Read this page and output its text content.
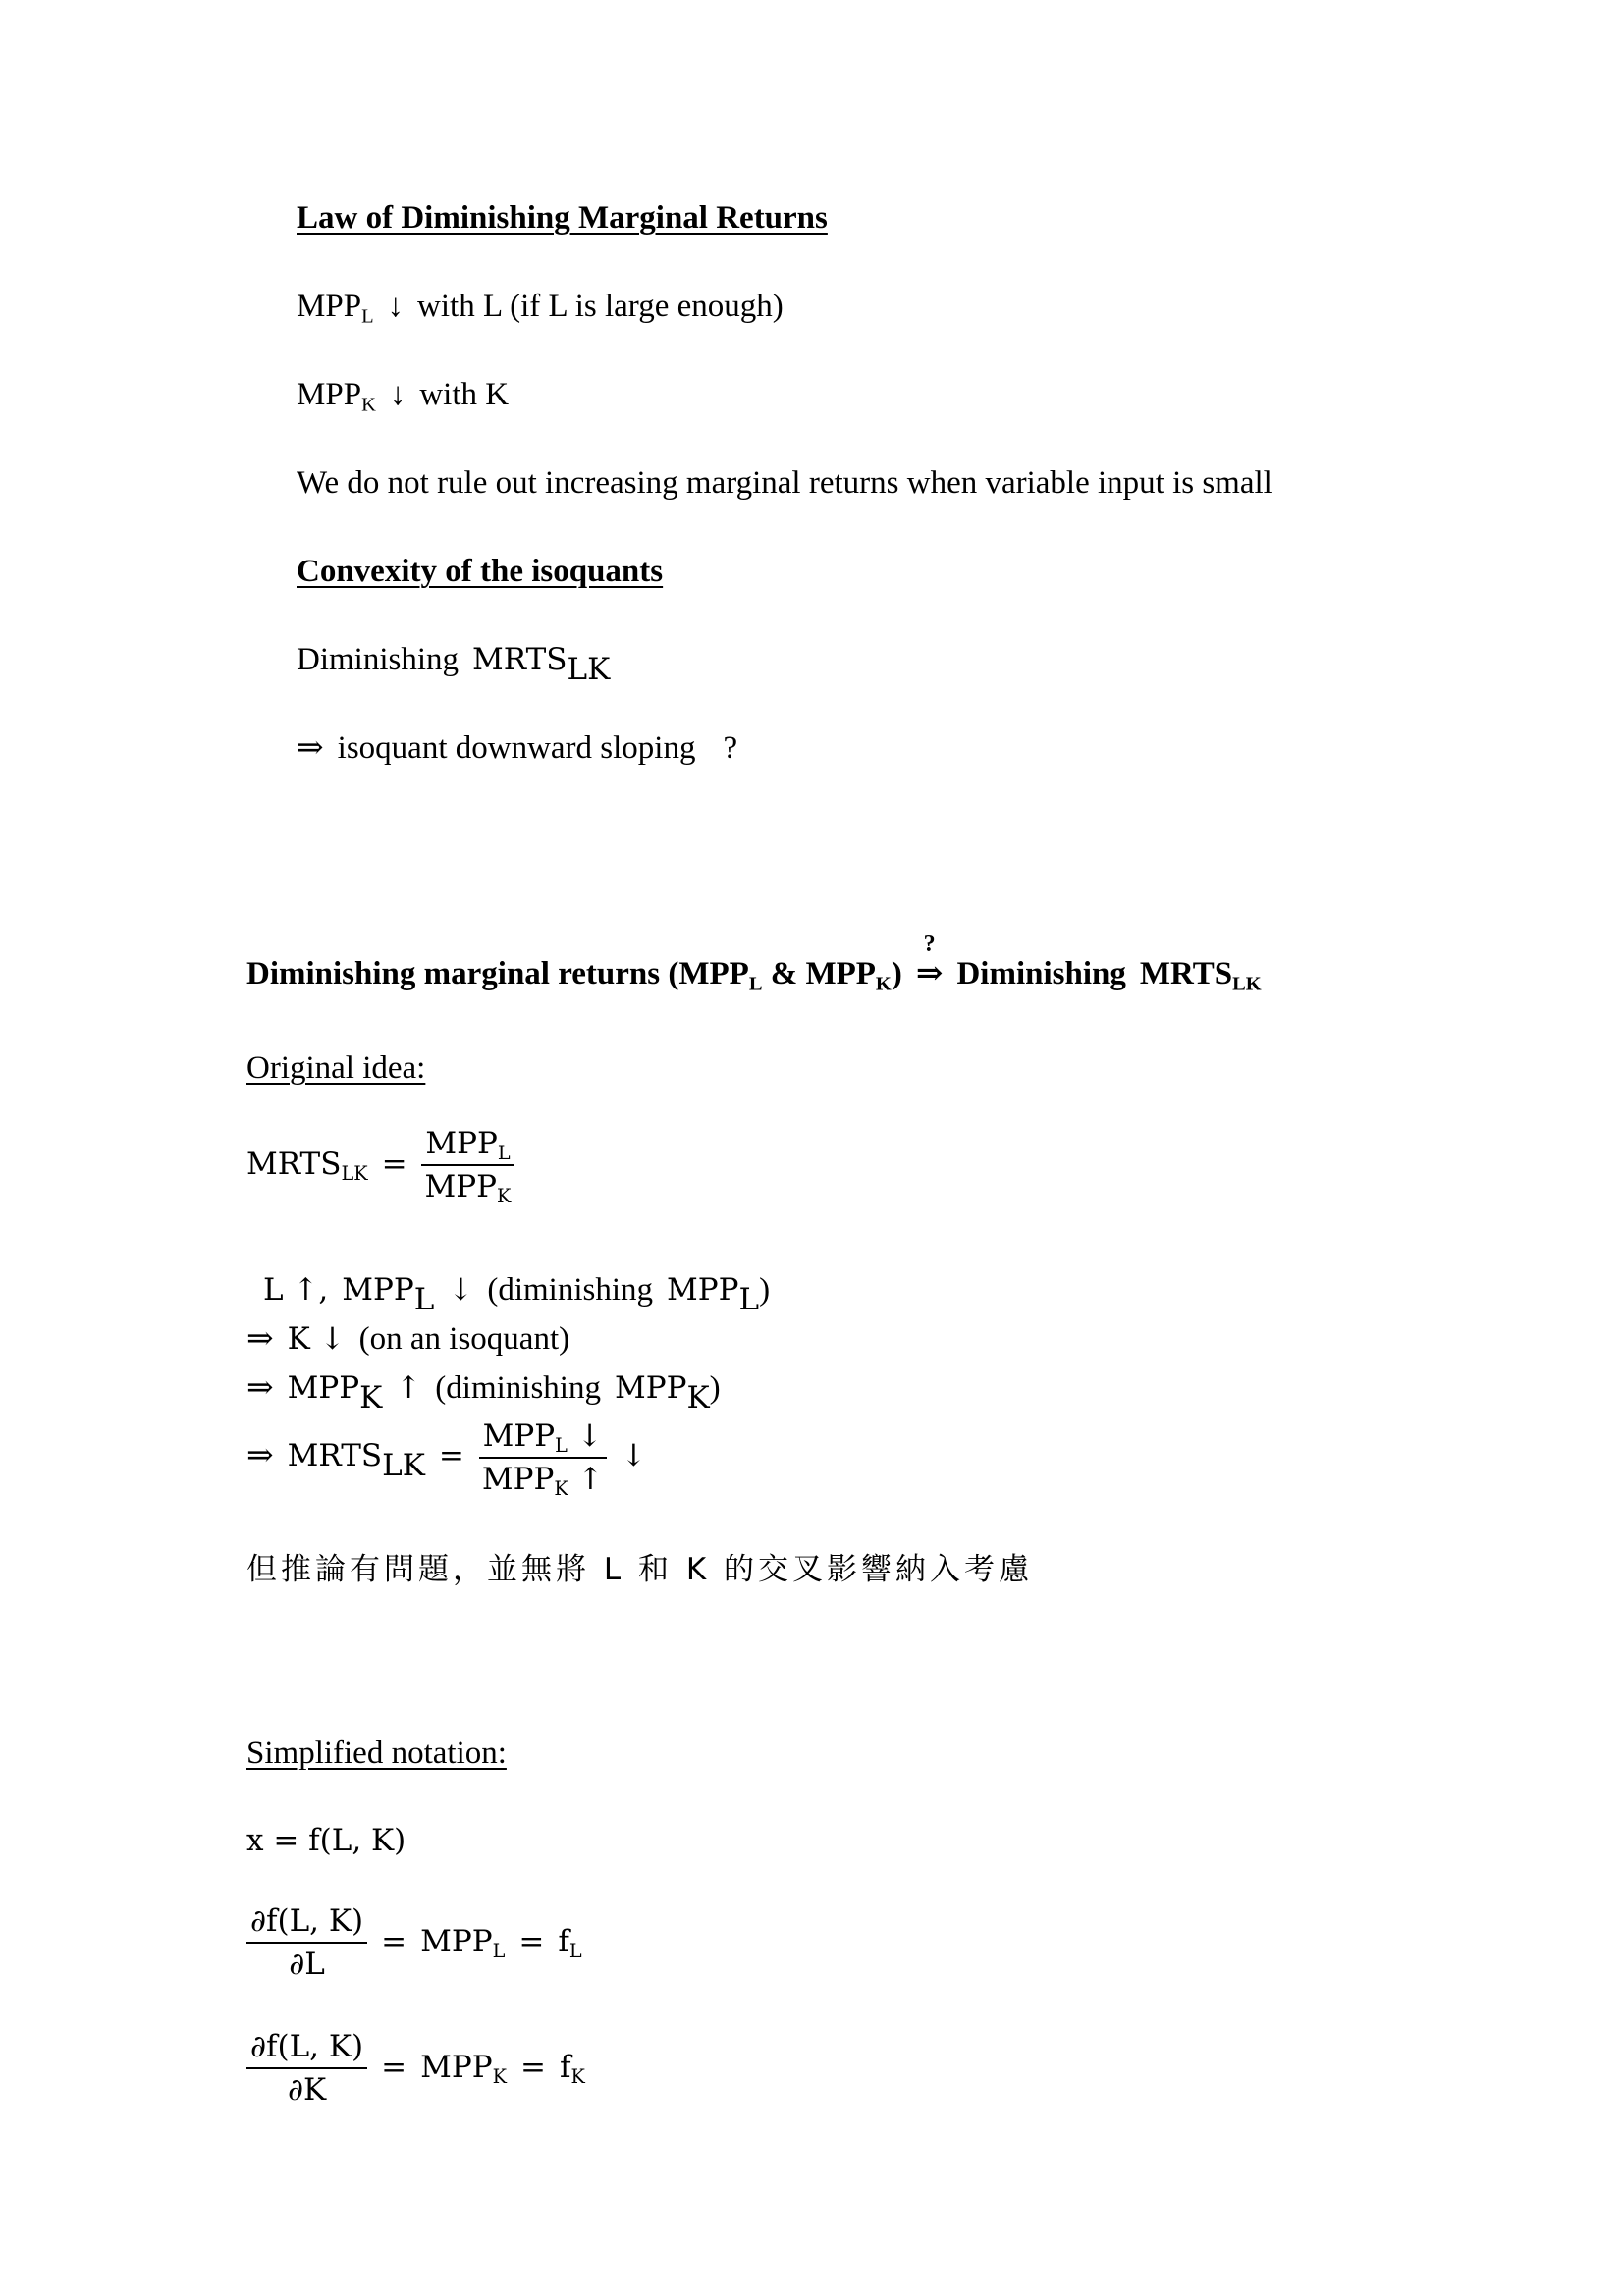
Law of Diminishing Marginal Returns
$MPP_L$ ↓ with L (if L is large enough)
$MPP_K$ ↓ with K
We do not rule out increasing marginal returns when variable input is small
Convexity of the isoquants
Diminishing $MRTS_{LK}$
⇒ isoquant downward sloping ?
Diminishing marginal returns ($MPP_L$ & $MPP_K$)
?
⇒ Diminishing $MRTS_{LK}$
Original idea:
$MRTS_{LK} = \frac{MPP_L}{MPP_K}$
L ↑, $MPP_L$ ↓ (diminishing $MPP_L$)
⇒ K ↓ (on an isoquant)
⇒ $MPP_K$ ↑ (diminishing $MPP_K$)
⇒ $MRTS_{LK} = \frac{MPP_L ↓}{MPP_K ↑}$ ↓
但推論有問題，並無將 L 和 K 的交叉影響納入考慮
Simplified notation:
x = f(L, K)
$\frac{\partial f(L, K)}{\partial L} = MPP_L = f_L$
$\frac{\partial f(L, K)}{\partial K} = MPP_K = f_K$
